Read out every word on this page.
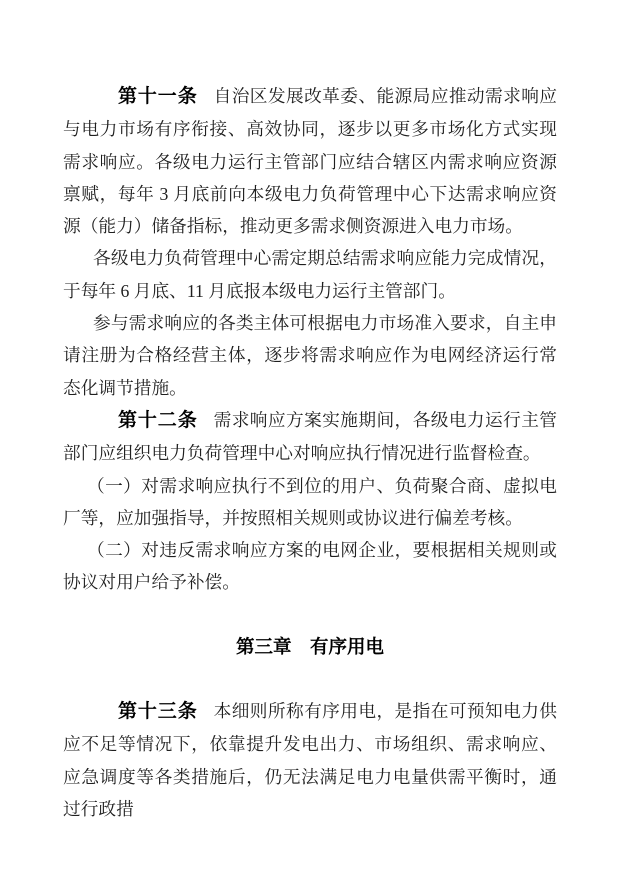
第十一条 自治区发展改革委、能源局应推动需求响应与电力市场有序衔接、高效协同，逐步以更多市场化方式实现需求响应。各级电力运行主管部门应结合辖区内需求响应资源禀赋，每年 3 月底前向本级电力负荷管理中心下达需求响应资源（能力）储备指标，推动更多需求侧资源进入电力市场。

各级电力负荷管理中心需定期总结需求响应能力完成情况，于每年 6 月底、11 月底报本级电力运行主管部门。

参与需求响应的各类主体可根据电力市场准入要求，自主申请注册为合格经营主体，逐步将需求响应作为电网经济运行常态化调节措施。

第十二条 需求响应方案实施期间，各级电力运行主管部门应组织电力负荷管理中心对响应执行情况进行监督检查。

（一）对需求响应执行不到位的用户、负荷聚合商、虚拟电厂等，应加强指导，并按照相关规则或协议进行偏差考核。

（二）对违反需求响应方案的电网企业，要根据相关规则或协议对用户给予补偿。

第三章　有序用电

第十三条 本细则所称有序用电，是指在可预知电力供应不足等情况下，依靠提升发电出力、市场组织、需求响应、应急调度等各类措施后，仍无法满足电力电量供需平衡时，通过行政措
